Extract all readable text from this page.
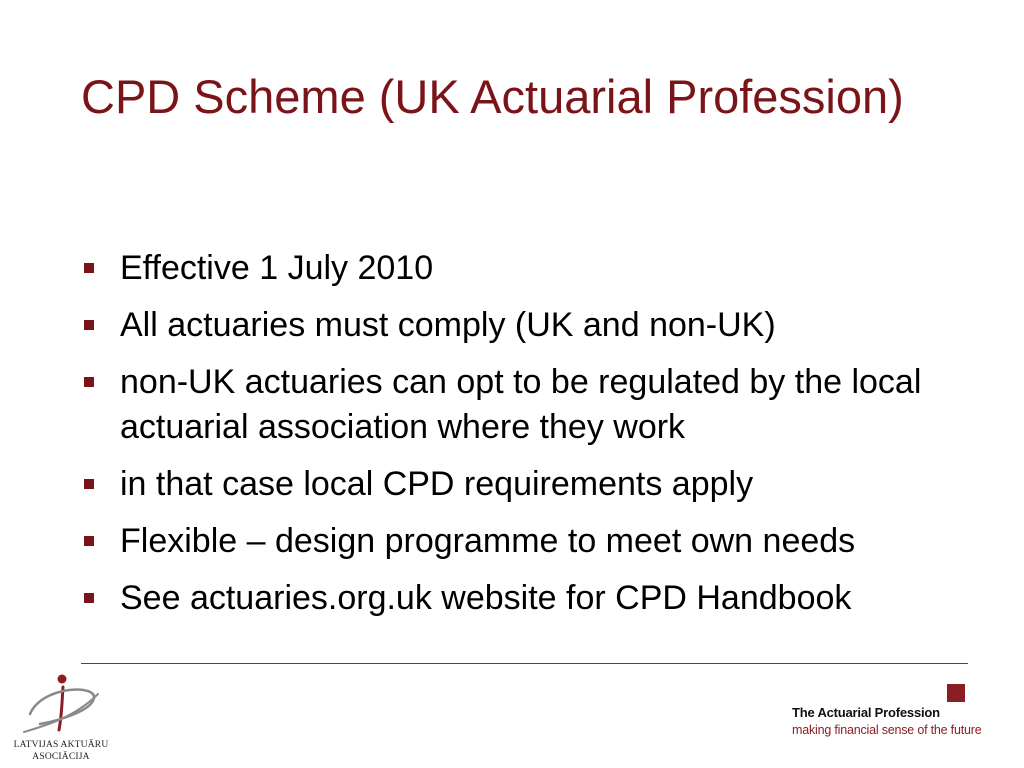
CPD Scheme (UK Actuarial Profession)
Effective 1 July 2010
All actuaries must comply (UK and non-UK)
non-UK actuaries can opt to be regulated by the local actuarial association where they work
in that case local CPD requirements apply
Flexible – design programme to meet own needs
See actuaries.org.uk website for CPD Handbook
LATVIJAS AKTUĀRU
ASOCIĀCIJA
The Actuarial Profession
making financial sense of the future
